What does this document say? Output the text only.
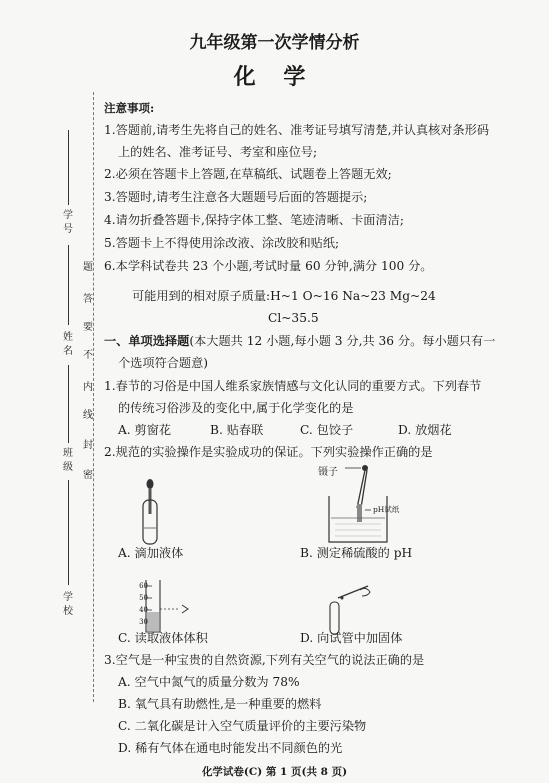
学
号
姓
名
班
级
学
校
题
答
要
不
内
线
封
密
九年级第一次学情分析
化 学
注意事项:
1.答题前,请考生先将自己的姓名、准考证号填写清楚,并认真核对条形码
上的姓名、准考证号、考室和座位号;
2.必须在答题卡上答题,在草稿纸、试题卷上答题无效;
3.答题时,请考生注意各大题题号后面的答题提示;
4.请勿折叠答题卡,保持字体工整、笔迹清晰、卡面清洁;
5.答题卡上不得使用涂改液、涂改胶和贴纸;
6.本学科试卷共 23 个小题,考试时量 60 分钟,满分 100 分。
可能用到的相对原子质量:H~1 O~16 Na~23 Mg~24
Cl~35.5
一、单项选择题(本大题共 12 小题,每小题 3 分,共 36 分。每小题只有一
个选项符合题意)
1.春节的习俗是中国人维系家族情感与文化认同的重要方式。下列春节
的传统习俗涉及的变化中,属于化学变化的是
A. 剪窗花	B. 贴春联	C. 包饺子	D. 放烟花
2.规范的实验操作是实验成功的保证。下列实验操作正确的是
镊子
pH试纸
A. 滴加液体	B. 测定稀硫酸的 pH
60
50
40
30
C. 读取液体体积	D. 向试管中加固体
3.空气是一种宝贵的自然资源,下列有关空气的说法正确的是
A. 空气中氮气的质量分数为 78%
B. 氧气具有助燃性,是一种重要的燃料
C. 二氧化碳是计入空气质量评价的主要污染物
D. 稀有气体在通电时能发出不同颜色的光
化学试卷(C) 第 1 页(共 8 页)
